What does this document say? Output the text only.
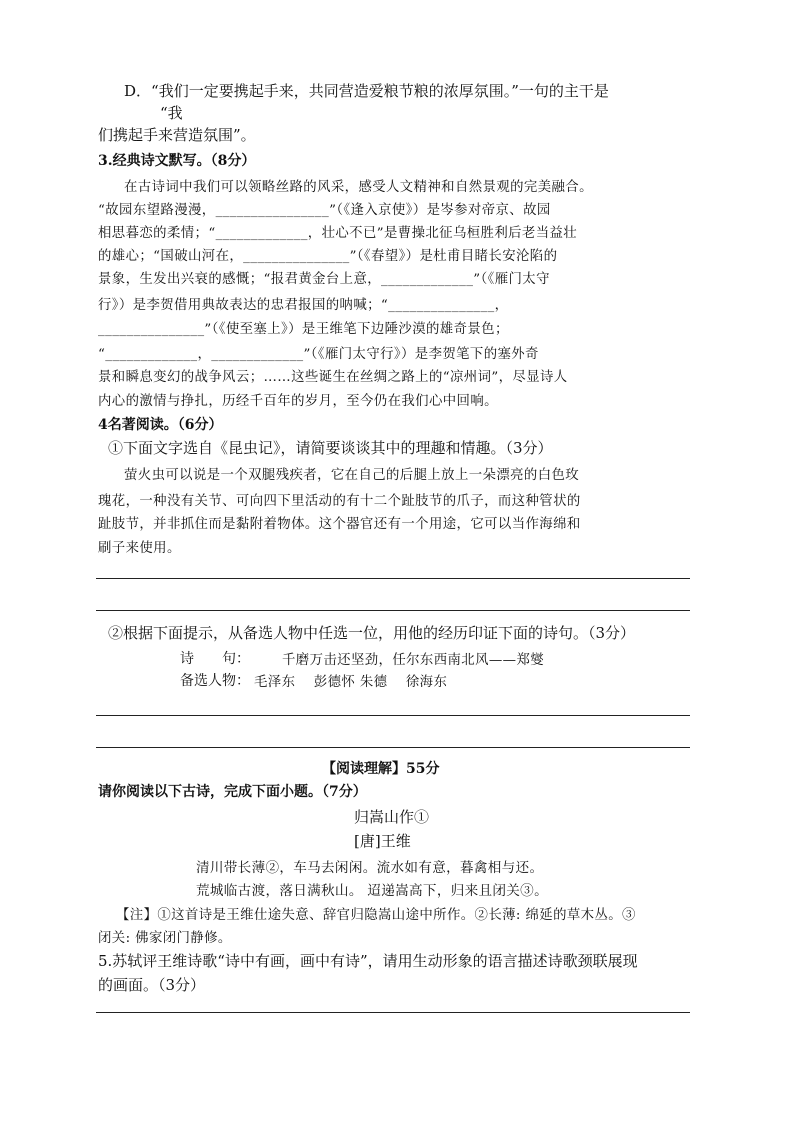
D．“我们一定要携起手来，共同营造爱粮节粮的浓厚氛围。”一句的主干是
“我
们携起手来营造氛围”。
3.经典诗文默写。（8分）
在古诗词中我们可以领略丝路的风采，感受人文精神和自然景观的完美融合。
“故园东望路漫漫，________________”（《逢入京使》）是岑参对帝京、故园
相思暮恋的柔情；“_____________，壮心不已”是曹操北征乌桓胜利后老当益壮
的雄心；“国破山河在，_______________”（《春望》）是杜甫目睹长安沦陷的
景象，生发出兴衰的感慨；“报君黄金台上意，_____________”（《雁门太守
行》）是李贺借用典故表达的忠君报国的呐喊；“_______________，
_______________”（《使至塞上》）是王维笔下边陲沙漠的雄奇景色；
“_____________，_____________”（《雁门太守行》）是李贺笔下的塞外奇
景和瞬息变幻的战争风云；……这些诞生在丝绸之路上的“凉州词”，尽显诗人
内心的激情与挣扎，历经千百年的岁月，至今仍在我们心中回响。
4名著阅读。（6分）
①下面文字选自《昆虫记》，请简要谈谈其中的理趣和情趣。（3分）
萤火虫可以说是一个双腿残疾者，它在自己的后腿上放上一朵漂亮的白色玫
瑰花，一种没有关节、可向四下里活动的有十二个趾肢节的爪子，而这种管状的
趾肢节，并非抓住而是黏附着物体。这个器官还有一个用途，它可以当作海绵和
刷子来使用。
②根据下面提示，从备选人物中任选一位，用他的经历印证下面的诗句。（3分）
诗　　句： 千磨万击还坚劲，任尔东西南北风——郑燮
备选人物： 毛泽东　 彭德怀 朱德　 徐海东
【阅读理解】55分
请你阅读以下古诗，完成下面小题。（7分）
归嵩山作①
[唐]王维
清川带长薄②，车马去闲闲。流水如有意，暮禽相与还。
荒城临古渡，落日满秋山。 迢递嵩高下，归来且闭关③。
【注】①这首诗是王维仕途失意、辞官归隐嵩山途中所作。②长薄: 绵延的草木丛。③
闭关: 佛家闭门静修。
5.苏轼评王维诗歌“诗中有画，画中有诗”，请用生动形象的语言描述诗歌颈联展现
的画面。（3分）
